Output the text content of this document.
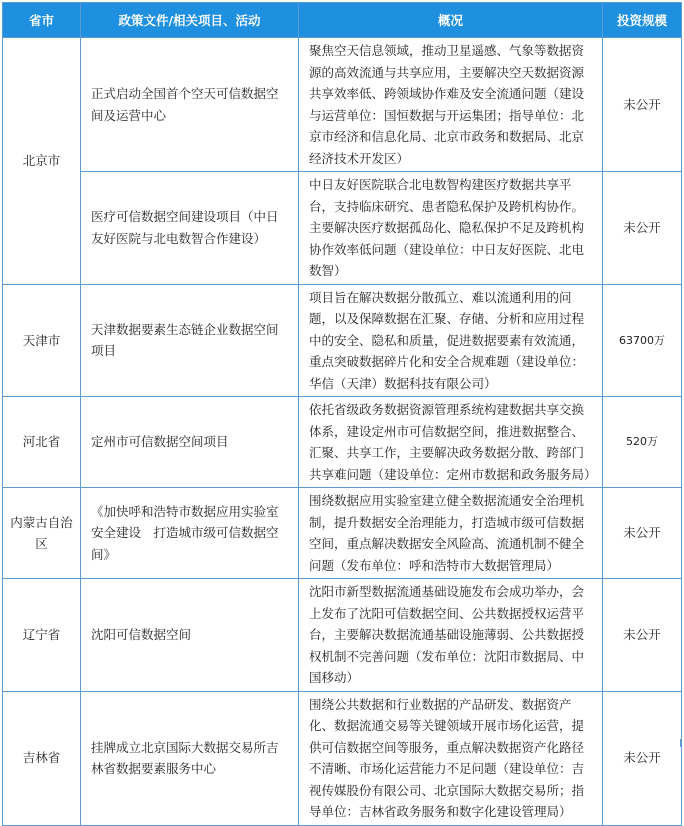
省市	政策文件/相关项目、活动	概况	投资规模
北京市	正式启动全国首个空天可信数据空间及运营中心	聚焦空天信息领域，推动卫星遥感、气象等数据资源的高效流通与共享应用，主要解决空天数据资源共享效率低、跨领域协作难及安全流通问题（建设与运营单位：国恒数据与开运集团；指导单位：北京市经济和信息化局、北京市政务和数据局、北京经济技术开发区）	未公开
	医疗可信数据空间建设项目（中日友好医院与北电数智合作建设）	中日友好医院联合北电数智构建医疗数据共享平台，支持临床研究、患者隐私保护及跨机构协作。主要解决医疗数据孤岛化、隐私保护不足及跨机构协作效率低问题（建设单位：中日友好医院、北电数智）	未公开
天津市	天津数据要素生态链企业数据空间项目	项目旨在解决数据分散孤立、难以流通利用的问题，以及保障数据在汇聚、存储、分析和应用过程中的安全、隐私和质量，促进数据要素有效流通，重点突破数据碎片化和安全合规难题（建设单位：华信（天津）数据科技有限公司）	63700万
河北省	定州市可信数据空间项目	依托省级政务数据资源管理系统构建数据共享交换体系，建设定州市可信数据空间，推进数据整合、汇聚、共享工作，主要解决政务数据分散、跨部门共享难问题（建设单位：定州市数据和政务服务局）	520万
内蒙古自治区	《加快呼和浩特市数据应用实验室安全建设　打造城市级可信数据空间》	围绕数据应用实验室建立健全数据流通安全治理机制，提升数据安全治理能力，打造城市级可信数据空间，重点解决数据安全风险高、流通机制不健全问题（发布单位：呼和浩特市大数据管理局）	未公开
辽宁省	沈阳可信数据空间	沈阳市新型数据流通基础设施发布会成功举办，会上发布了沈阳可信数据空间、公共数据授权运营平台，主要解决数据流通基础设施薄弱、公共数据授权机制不完善问题（发布单位：沈阳市数据局、中国移动）	未公开
吉林省	挂牌成立北京国际大数据交易所吉林省数据要素服务中心	围绕公共数据和行业数据的产品研发、数据资产化、数据流通交易等关键领域开展市场化运营，提供可信数据空间等服务，重点解决数据资产化路径不清晰、市场化运营能力不足问题（建设单位：吉视传媒股份有限公司、北京国际大数据交易所；指导单位：吉林省政务服务和数字化建设管理局）	未公开
